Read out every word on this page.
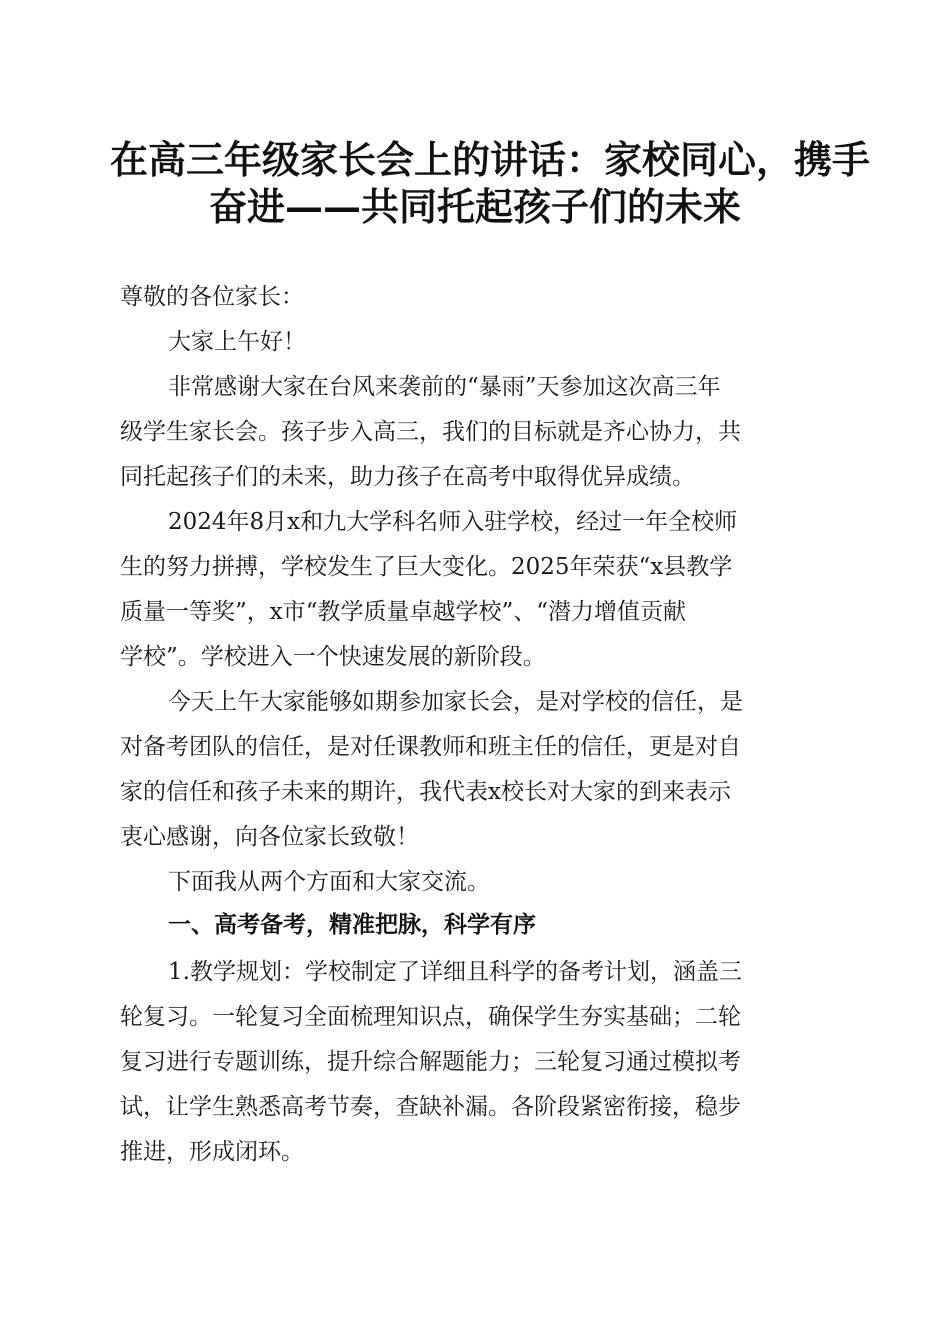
在高三年级家长会上的讲话：家校同心，携手
奋进——共同托起孩子们的未来
尊敬的各位家长：
大家上午好！
非常感谢大家在台风来袭前的“暴雨”天参加这次高三年
级学生家长会。孩子步入高三，我们的目标就是齐心协力，共
同托起孩子们的未来，助力孩子在高考中取得优异成绩。
2024年8月x和九大学科名师入驻学校，经过一年全校师
生的努力拼搏，学校发生了巨大变化。2025年荣获“x县教学
质量一等奖”，x市“教学质量卓越学校”、“潜力增值贡献
学校”。学校进入一个快速发展的新阶段。
今天上午大家能够如期参加家长会，是对学校的信任，是
对备考团队的信任，是对任课教师和班主任的信任，更是对自
家的信任和孩子未来的期许，我代表x校长对大家的到来表示
衷心感谢，向各位家长致敬！
下面我从两个方面和大家交流。
一、高考备考，精准把脉，科学有序
1.教学规划：学校制定了详细且科学的备考计划，涵盖三
轮复习。一轮复习全面梳理知识点，确保学生夯实基础；二轮
复习进行专题训练，提升综合解题能力；三轮复习通过模拟考
试，让学生熟悉高考节奏，查缺补漏。各阶段紧密衔接，稳步
推进，形成闭环。
